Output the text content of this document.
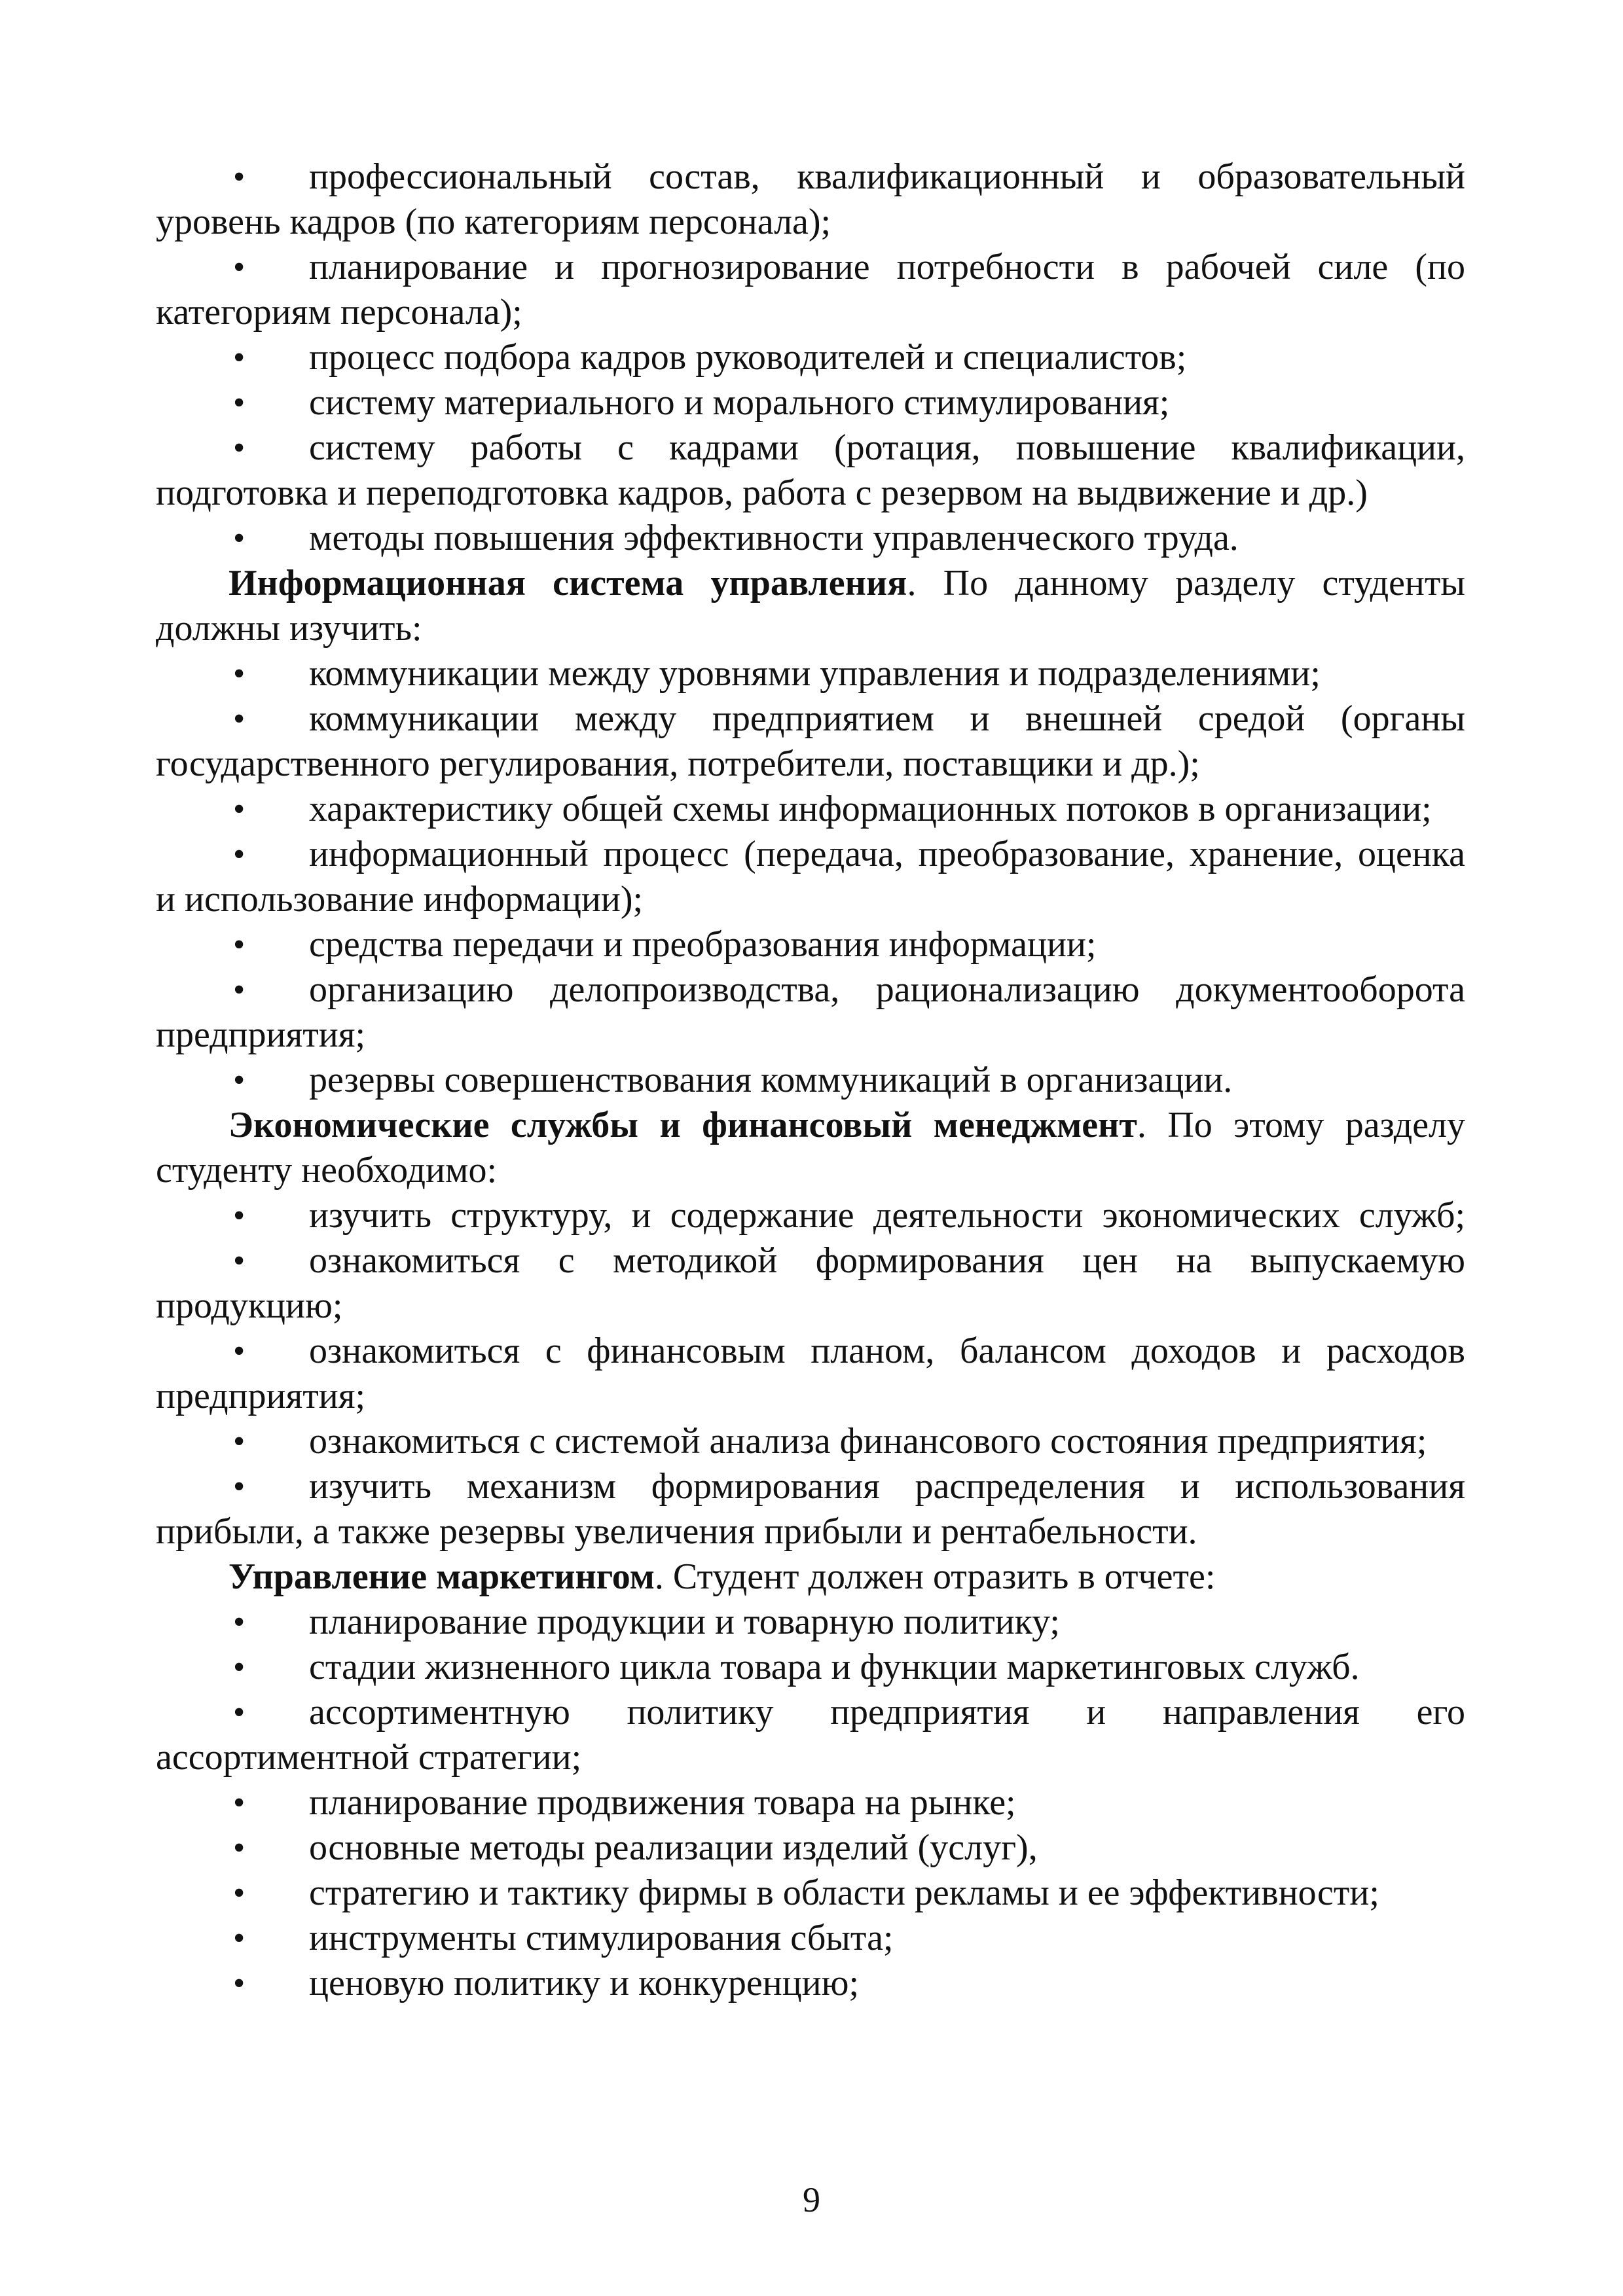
• профессиональный состав, квалификационный и образовательный уровень кадров (по категориям персонала);
• планирование и прогнозирование потребности в рабочей силе (по категориям персонала);
• процесс подбора кадров руководителей и специалистов;
• систему материального и морального стимулирования;
• систему работы с кадрами (ротация, повышение квалификации, подготовка и переподготовка кадров, работа с резервом на выдвижение и др.)
• методы повышения эффективности управленческого труда.
Информационная система управления. По данному разделу студенты должны изучить:
• коммуникации между уровнями управления и подразделениями;
• коммуникации между предприятием и внешней средой (органы государственного регулирования, потребители, поставщики и др.);
• характеристику общей схемы информационных потоков в организации;
• информационный процесс (передача, преобразование, хранение, оценка и использование информации);
• средства передачи и преобразования информации;
• организацию делопроизводства, рационализацию документооборота предприятия;
• резервы совершенствования коммуникаций в организации.
Экономические службы и финансовый менеджмент. По этому разделу студенту необходимо:
• изучить структуру, и содержание деятельности экономических служб;
• ознакомиться с методикой формирования цен на выпускаемую продукцию;
• ознакомиться с финансовым планом, балансом доходов и расходов предприятия;
• ознакомиться с системой анализа финансового состояния предприятия;
• изучить механизм формирования распределения и использования прибыли, а также резервы увеличения прибыли и рентабельности.
Управление маркетингом. Студент должен отразить в отчете:
• планирование продукции и товарную политику;
• стадии жизненного цикла товара и функции маркетинговых служб.
• ассортиментную политику предприятия и направления его ассортиментной стратегии;
• планирование продвижения товара на рынке;
• основные методы реализации изделий (услуг),
• стратегию и тактику фирмы в области рекламы и ее эффективности;
• инструменты стимулирования сбыта;
• ценовую политику и конкуренцию;
9
